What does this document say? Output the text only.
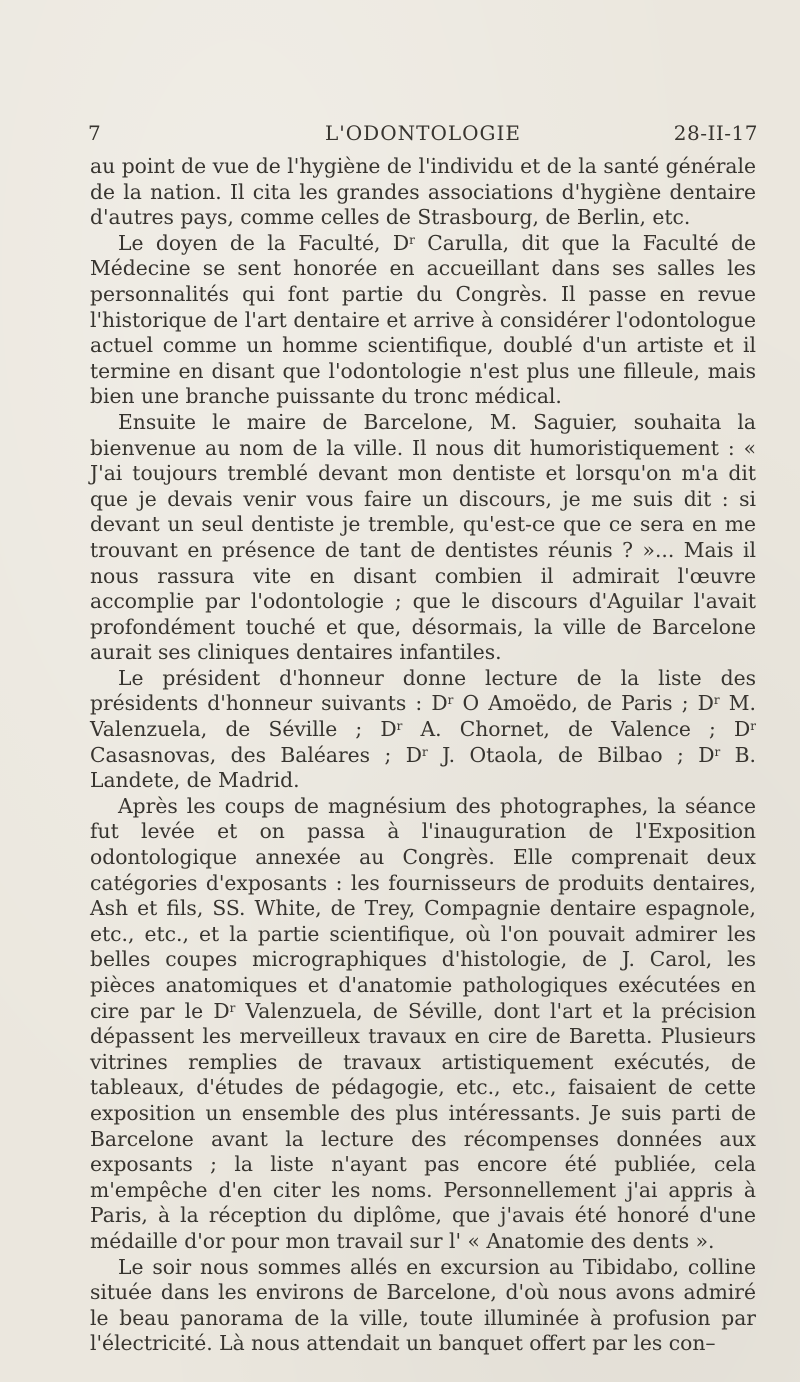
7	L'ODONTOLOGIE	28-II-17

au point de vue de l'hygiène de l'individu et de la santé générale de la nation. Il cita les grandes associations d'hygiène dentaire d'autres pays, comme celles de Strasbourg, de Berlin, etc.

Le doyen de la Faculté, $D^r$ Carulla, dit que la Faculté de Médecine se sent honorée en accueillant dans ses salles les personnalités qui font partie du Congrès. Il passe en revue l'historique de l'art dentaire et arrive à considérer l'odontologue actuel comme un homme scientifique, doublé d'un artiste et il termine en disant que l'odontologie n'est plus une filleule, mais bien une branche puissante du tronc médical.

Ensuite le maire de Barcelone, M. Saguier, souhaita la bienvenue au nom de la ville. Il nous dit humoristiquement : « J'ai toujours tremblé devant mon dentiste et lorsqu'on m'a dit que je devais venir vous faire un discours, je me suis dit : si devant un seul dentiste je tremble, qu'est-ce que ce sera en me trouvant en présence de tant de dentistes réunis ? »... Mais il nous rassura vite en disant combien il admirait l'œuvre accomplie par l'odontologie ; que le discours d'Aguilar l'avait profondément touché et que, désormais, la ville de Barcelone aurait ses cliniques dentaires infantiles.

Le président d'honneur donne lecture de la liste des présidents d'honneur suivants : $D^r$ O Amoëdo, de Paris ; $D^r$ M. Valenzuela, de Séville ; $D^r$ A. Chornet, de Valence ; $D^r$ Casasnovas, des Baléares ; $D^r$ J. Otaola, de Bilbao ; $D^r$ B. Landete, de Madrid.

Après les coups de magnésium des photographes, la séance fut levée et on passa à l'inauguration de l'Exposition odontologique annexée au Congrès. Elle comprenait deux catégories d'exposants : les fournisseurs de produits dentaires, Ash et fils, SS. White, de Trey, Compagnie dentaire espagnole, etc., etc., et la partie scientifique, où l'on pouvait admirer les belles coupes micrographiques d'histologie, de J. Carol, les pièces anatomiques et d'anatomie pathologiques exécutées en cire par le $D^r$ Valenzuela, de Séville, dont l'art et la précision dépassent les merveilleux travaux en cire de Baretta. Plusieurs vitrines remplies de travaux artistiquement exécutés, de tableaux, d'études de pédagogie, etc., etc., faisaient de cette exposition un ensemble des plus intéressants. Je suis parti de Barcelone avant la lecture des récompenses données aux exposants ; la liste n'ayant pas encore été publiée, cela m'empêche d'en citer les noms. Personnellement j'ai appris à Paris, à la réception du diplôme, que j'avais été honoré d'une médaille d'or pour mon travail sur l' « Anatomie des dents ».

Le soir nous sommes allés en excursion au Tibidabo, colline située dans les environs de Barcelone, d'où nous avons admiré le beau panorama de la ville, toute illuminée à profusion par l'électricité. Là nous attendait un banquet offert par les con–
